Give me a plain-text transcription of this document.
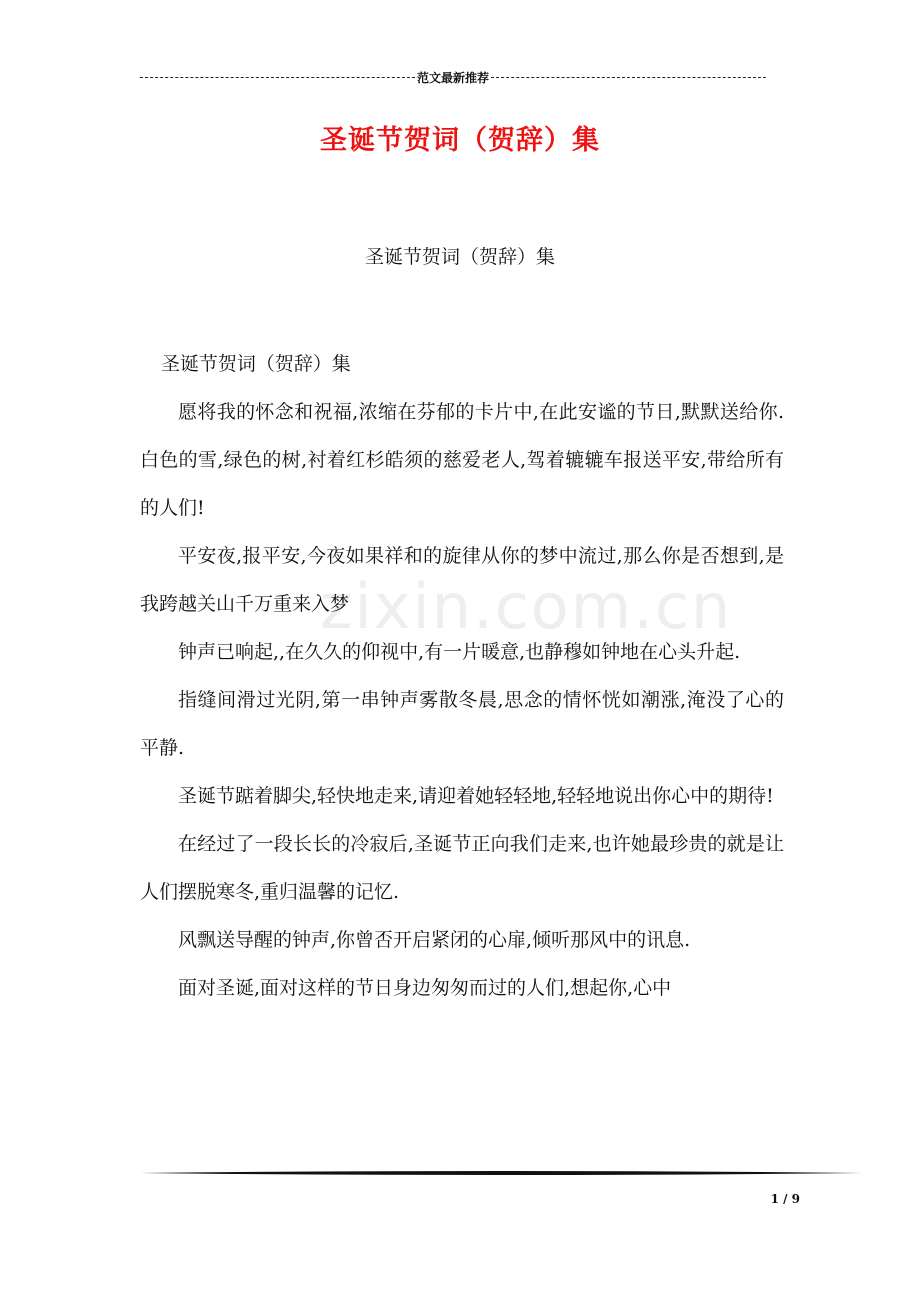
范文最新推荐
圣诞节贺词（贺辞）集
圣诞节贺词（贺辞）集
zixin.com.cn

圣诞节贺词（贺辞）集

愿将我的怀念和祝福,浓缩在芬郁的卡片中,在此安谧的节日,默默送给你.　　白色的雪,绿色的树,衬着红杉皓须的慈爱老人,驾着辘辘车报送平安,带给所有的人们!

平安夜,报平安,今夜如果祥和的旋律从你的梦中流过,那么你是否想到,是我跨越关山千万重来入梦

钟声已响起,,在久久的仰视中,有一片暖意,也静穆如钟地在心头升起.

指缝间滑过光阴,第一串钟声雾散冬晨,思念的情怀恍如潮涨,淹没了心的平静.

圣诞节踮着脚尖,轻快地走来,请迎着她轻轻地,轻轻地说出你心中的期待!

在经过了一段长长的冷寂后,圣诞节正向我们走来,也许她最珍贵的就是让人们摆脱寒冬,重归温馨的记忆.

风飘送导醒的钟声,你曾否开启紧闭的心扉,倾听那风中的讯息.

面对圣诞,面对这样的节日身边匆匆而过的人们,想起你,心中

1 / 9
